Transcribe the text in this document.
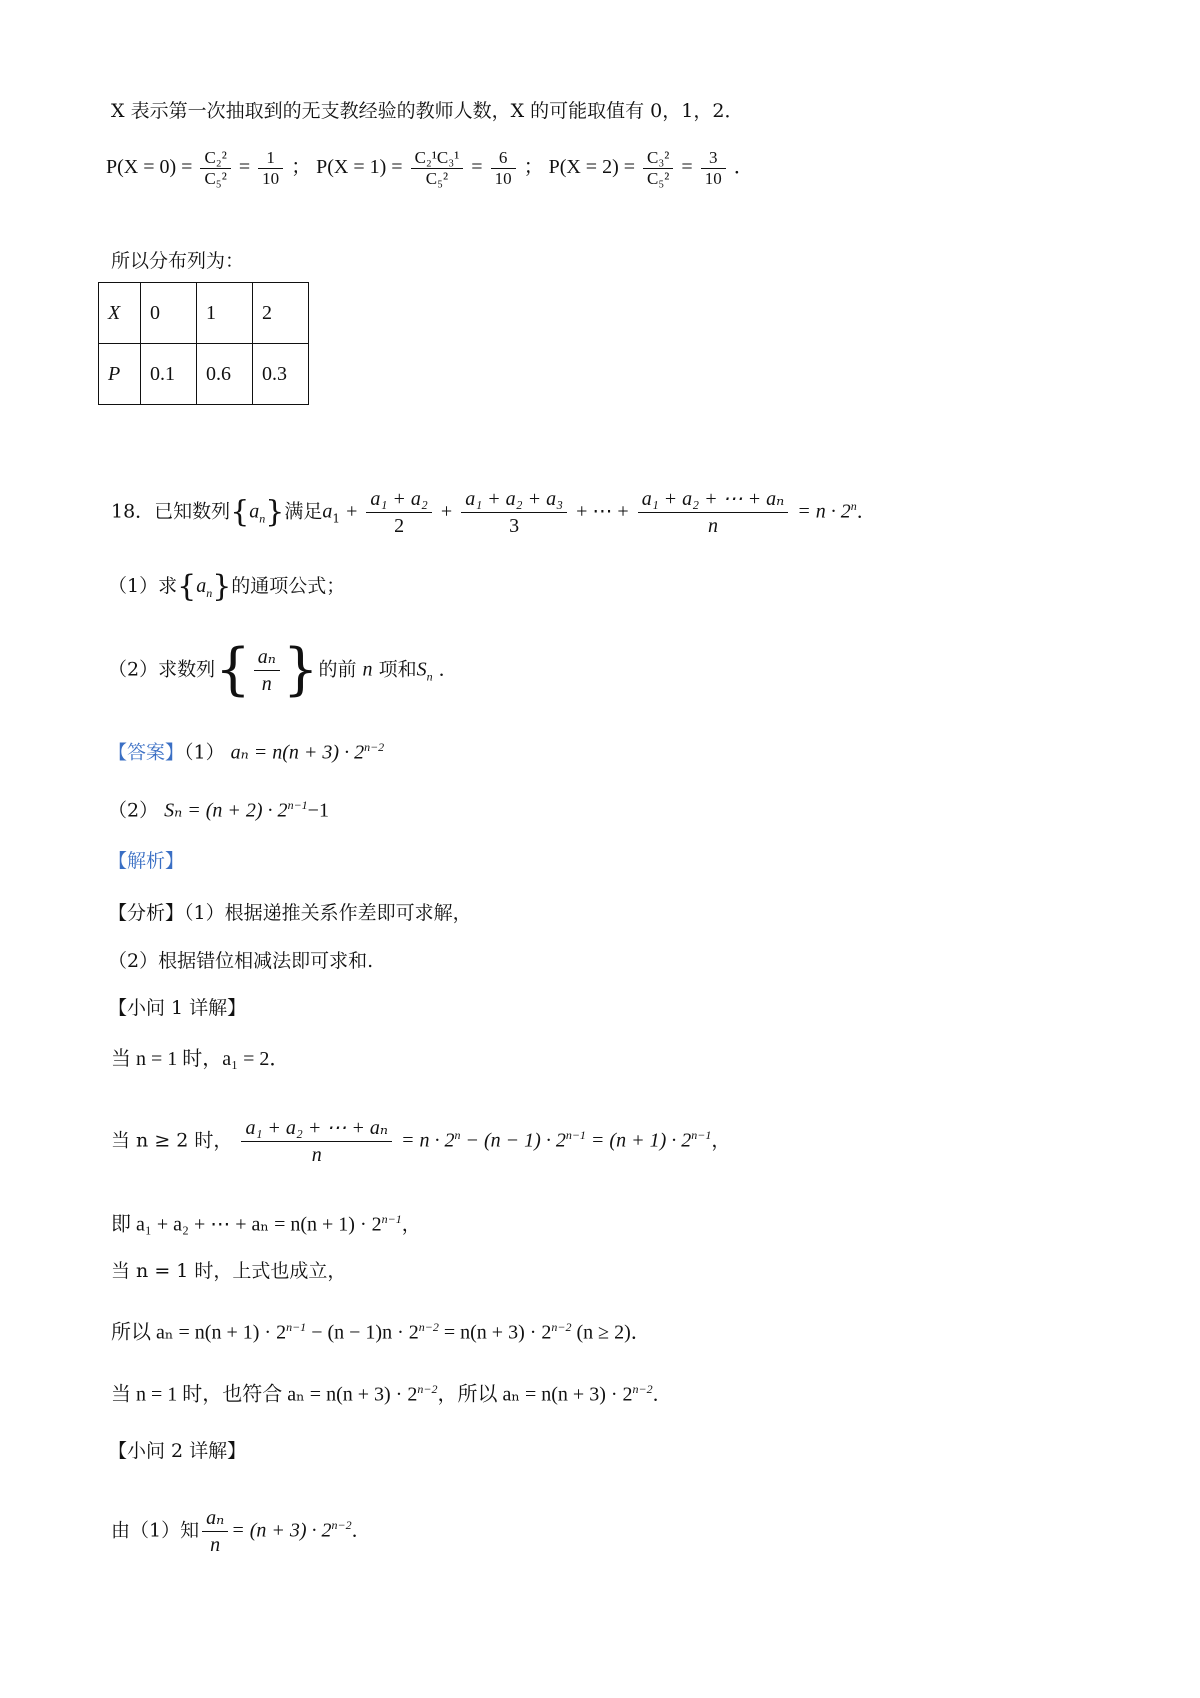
X 表示第一次抽取到的无支教经验的教师人数，X 的可能取值有 0，1，2．
$P(X = 0) = \frac{\text{C₂²}}{\text{C₅²}} = \frac{1}{10}$ ； $P(X = 1) = \frac{\text{C₂¹C₃¹}}{\text{C₅²}} = \frac{6}{10}$ ； $P(X = 2) = \frac{\text{C₃²}}{\text{C₅²}} = \frac{3}{10}$ ．
所以分布列为：
X	0	1	2
P	0.1	0.6	0.3
18．已知数列$\{a_n\}$满足$a_1 + \frac{\text{a₁ + a₂}}{2} + \frac{\text{a₁ + a₂ + a₃}}{3}$ + ⋯ + $\frac{\text{a₁ + a₂ + ⋯ + aₙ}}{n} = n \cdot 2^n$．
（1）求$\{a_n\}$的通项公式；
（2）求数列{ $\frac{\text{aₙ}}{n}$ }的前 n 项和$S_n$ ．
【答案】（1） $a_n = n(n + 3) \cdot 2^{n-2}$
（2） $S_n = (n + 2) \cdot 2^{n-1}-1$
【解析】
【分析】（1）根据递推关系作差即可求解，
（2）根据错位相减法即可求和.
【小问 1 详解】
当 n = 1 时，a₁ = 2．
当 n ≥ 2 时， $\frac{\text{a₁ + a₂ + ⋯ + aₙ}}{n} = n \cdot 2^n - (n - 1) \cdot 2^{n-1} = (n + 1) \cdot 2^{n-1}$，
即 a₁ + a₂ + ⋯ + $a_n = n(n + 1) \cdot 2^{n-1}$，
当 n = 1 时，上式也成立，
所以 $a_n = n(n + 1) \cdot 2^{n-1} - (n - 1)n \cdot 2^{n-2} = n(n + 3) \cdot 2^{n-2}$ (n ≥ 2)．
当 n = 1 时，也符合 $a_n = n(n + 3) \cdot 2^{n-2}$，所以 $a_n = n(n + 3) \cdot 2^{n-2}$．
【小问 2 详解】
由（1）知 $\frac{\text{aₙ}}{n} = (n + 3) \cdot 2^{n-2}$．
